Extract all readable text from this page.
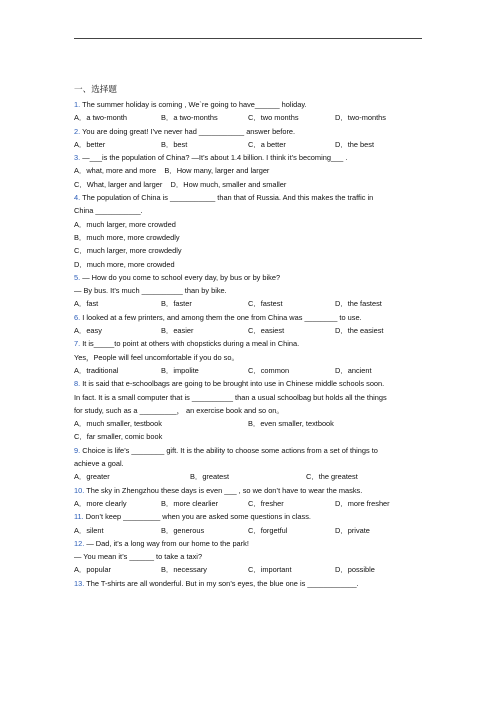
一、选择题
1. The summer holiday is coming , We`re going to have______ holiday.
A．a two-month	B．a two-months	C．two months	D．two-months
2. You are doing great! I’ve never had ___________ answer before.
A．better	B．best	C．a better	D．the best
3. —___is the population of China? —It’s about 1.4 billion. I think it’s becoming___ .
A．what, more and more B．How many, larger and larger
C．What, larger and larger D．How much, smaller and smaller
4. The population of China is ___________ than that of Russia. And this makes the traffic in
China ___________.
A．much larger, more crowded
B．much more, more crowdedly
C．much larger, more crowdedly
D．much more, more crowded
5. — How do you come to school every day, by bus or by bike?
— By bus. It’s much __________ than by bike.
A．fast	B．faster	C．fastest	D．the fastest
6. I looked at a few printers, and among them the one from China was ________ to use.
A．easy	B．easier	C．easiest	D．the easiest
7. It is_____to point at others with chopsticks during a meal in China.
Yes，People will feel uncomfortable if you do so。
A．traditional	B．impolite	C．common	D．ancient
8. It is said that e-schoolbags are going to be brought into use in Chinese middle schools soon.
In fact. It is a small computer that is __________ than a usual schoolbag but holds all the things
for study, such as a _________， an exercise book and so on。
A．much smaller, testbook	B．even smaller, textbook
C．far smaller, comic book
9. Choice is life’s ________ gift. It is the ability to choose some actions from a set of things to
achieve a goal.
A．greater	B．greatest	C．the greatest
10. The sky in Zhengzhou these days is even ___ , so we don’t have to wear the masks.
A．more clearly	B．more clearlier	C．fresher	D．more fresher
11. Don’t keep _________ when you are asked some questions in class.
A．silent	B．generous	C．forgetful	D．private
12. — Dad, it’s a long way from our home to the park!
— You mean it’s ______ to take a taxi?
A．popular	B．necessary	C．important	D．possible
13. The T-shirts are all wonderful. But in my son’s eyes, the blue one is ____________.
